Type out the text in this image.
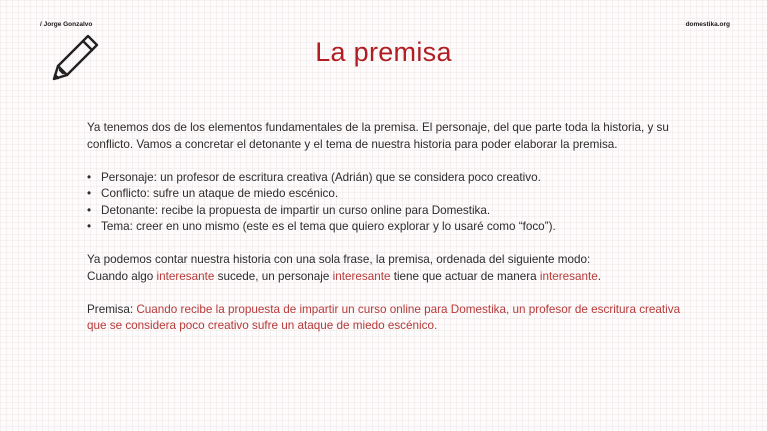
/ Jorge Gonzalvo	domestika.org
La premisa

Ya tenemos dos de los elementos fundamentales de la premisa. El personaje, del que parte toda la historia, y su conflicto. Vamos a concretar el detonante y el tema de nuestra historia para poder elaborar la premisa.

• Personaje: un profesor de escritura creativa (Adrián) que se considera poco creativo.
• Conflicto: sufre un ataque de miedo escénico.
• Detonante: recibe la propuesta de impartir un curso online para Domestika.
• Tema: creer en uno mismo (este es el tema que quiero explorar y lo usaré como “foco”).

Ya podemos contar nuestra historia con una sola frase, la premisa, ordenada del siguiente modo:
Cuando algo interesante sucede, un personaje interesante tiene que actuar de manera interesante.

Premisa: Cuando recibe la propuesta de impartir un curso online para Domestika, un profesor de escritura creativa que se considera poco creativo sufre un ataque de miedo escénico.
